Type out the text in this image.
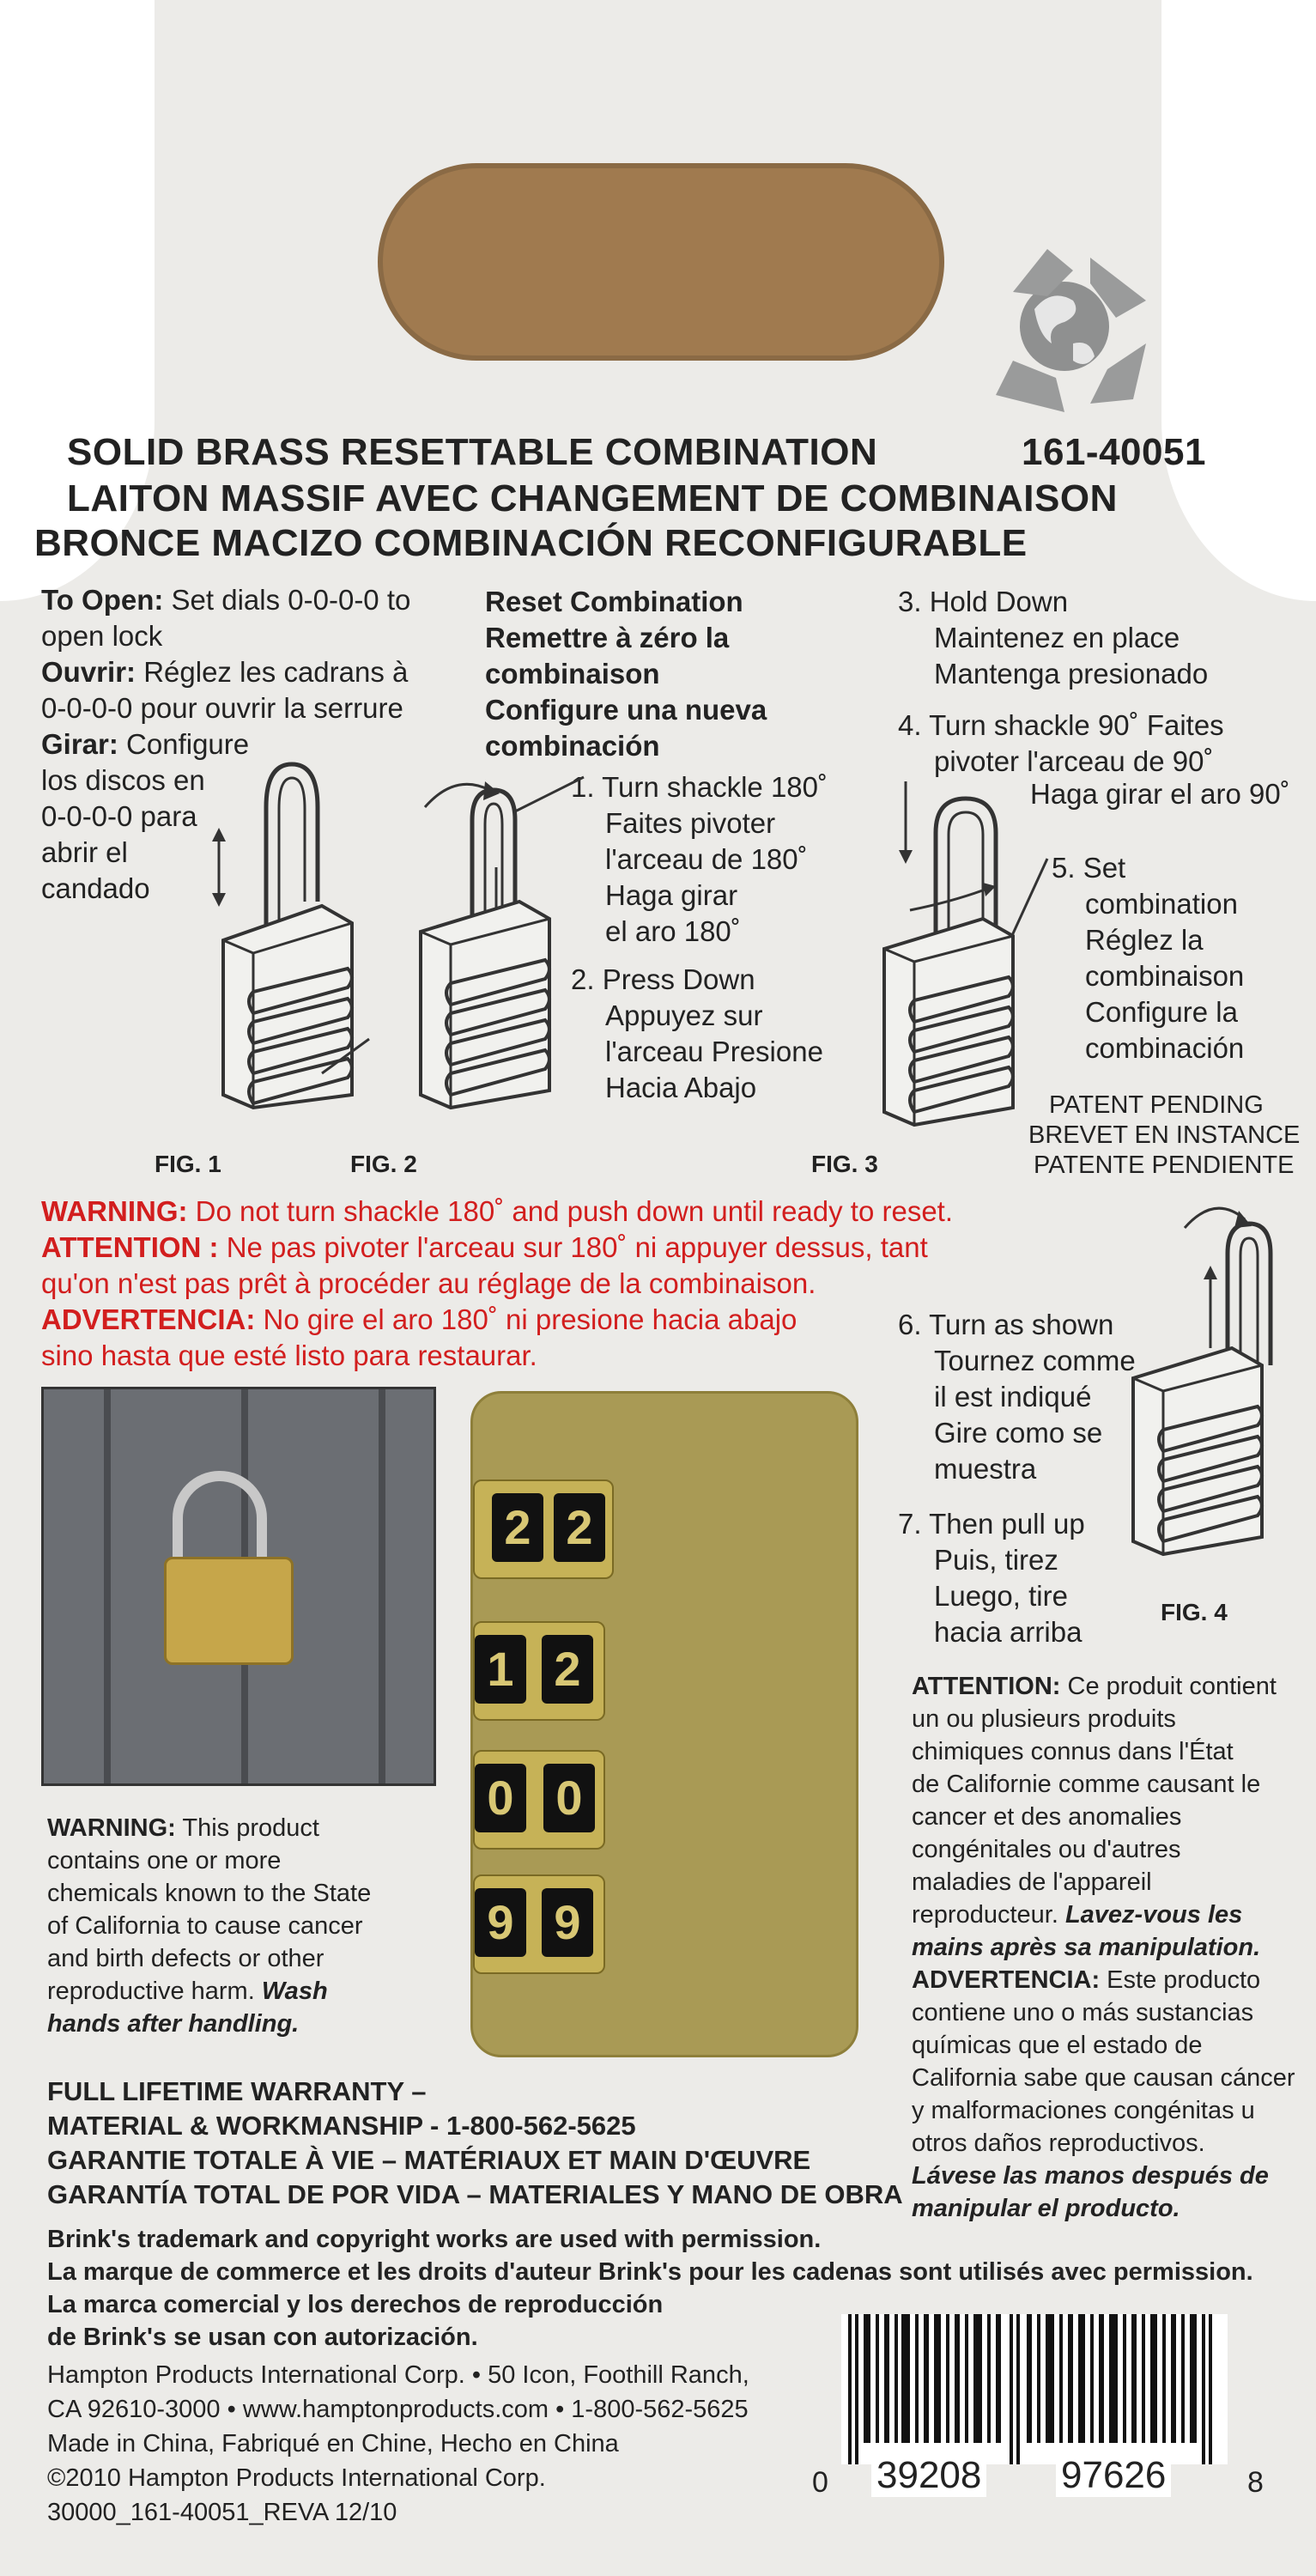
SOLID BRASS RESETTABLE COMBINATION	161-40051
LAITON MASSIF AVEC CHANGEMENT DE COMBINAISON
BRONCE MACIZO COMBINACIÓN RECONFIGURABLE
To Open: Set dials 0-0-0-0 to
open lock
Ouvrir: Réglez les cadrans à
0-0-0-0 pour ouvrir la serrure
Girar: Configure
los discos en
0-0-0-0 para
abrir el
candado
Reset Combination
Remettre à zéro la
combinaison
Configure una nueva
combinación
1. Turn shackle 180˚
Faites pivoter
l'arceau de 180˚
Haga girar
el aro 180˚
2. Press Down
Appuyez sur
l'arceau Presione
Hacia Abajo
3. Hold Down
Maintenez en place
Mantenga presionado
4. Turn shackle 90˚ Faites
pivoter l'arceau de 90˚
Haga girar el aro 90˚
5. Set
combination
Réglez la
combinaison
Configure la
combinación
PATENT PENDING
BREVET EN INSTANCE
PATENTE PENDIENTE
FIG. 1	FIG. 2	FIG. 3
WARNING: Do not turn shackle 180˚ and push down until ready to reset.
ATTENTION : Ne pas pivoter l'arceau sur 180˚ ni appuyer dessus, tant
qu'on n'est pas prêt à procéder au réglage de la combinaison.
ADVERTENCIA: No gire el aro 180˚ ni presione hacia abajo
sino hasta que esté listo para restaurar.
FIG. 4
6. Turn as shown
Tournez comme
il est indiqué
Gire como se
muestra
7. Then pull up
Puis, tirez
Luego, tire
hacia arriba
2 2
1 2
0 0
9 9
WARNING: This product
contains one or more
chemicals known to the State
of California to cause cancer
and birth defects or other
reproductive harm. Wash
hands after handling.
ATTENTION: Ce produit contient
un ou plusieurs produits
chimiques connus dans l'État
de Californie comme causant le
cancer et des anomalies
congénitales ou d'autres
maladies de l'appareil
reproducteur. Lavez-vous les
mains après sa manipulation.
ADVERTENCIA: Este producto
contiene uno o más sustancias
químicas que el estado de
California sabe que causan cáncer
y malformaciones congénitas u
otros daños reproductivos.
Lávese las manos después de
manipular el producto.
FULL LIFETIME WARRANTY –
MATERIAL & WORKMANSHIP - 1-800-562-5625
GARANTIE TOTALE À VIE – MATÉRIAUX ET MAIN D'ŒUVRE
GARANTÍA TOTAL DE POR VIDA – MATERIALES Y MANO DE OBRA
Brink's trademark and copyright works are used with permission.
La marque de commerce et les droits d'auteur Brink's pour les cadenas sont utilisés avec permission.
La marca comercial y los derechos de reproducción
de Brink's se usan con autorización.
Hampton Products International Corp. • 50 Icon, Foothill Ranch,
CA 92610-3000 • www.hamptonproducts.com • 1-800-562-5625
Made in China, Fabriqué en Chine, Hecho en China
©2010 Hampton Products International Corp.
30000_161-40051_REVA 12/10
0 39208 97626	8
